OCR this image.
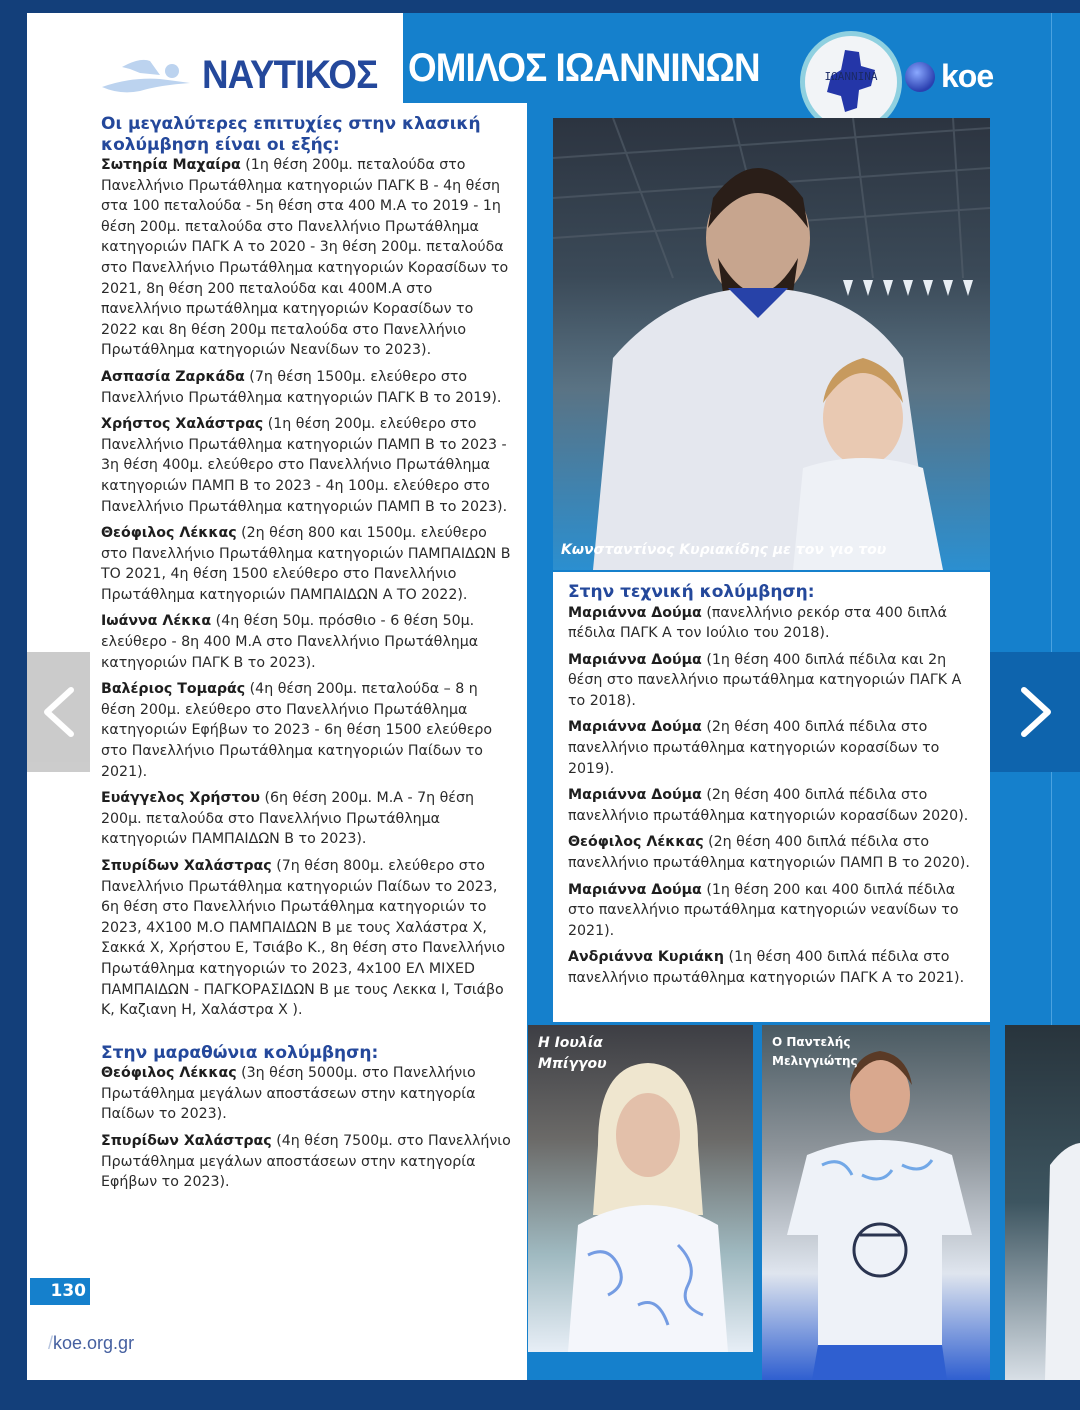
ΝΑΥΤΙΚΟΣ ΟΜΙΛΟΣ ΙΩΑΝΝΙΝΩΝ	ΙΩΑΝΝΙΝΑ	koe
Οι μεγαλύτερες επιτυχίες στην κλασική κολύμβηση είναι οι εξής:

Σωτηρία Μαχαίρα (1η θέση 200μ. πεταλούδα στο Πανελλήνιο Πρωτάθλημα κατηγοριών ΠΑΓΚ Β - 4η θέση στα 100 πεταλούδα - 5η θέση στα 400 Μ.Α το 2019 - 1η θέση 200μ. πεταλούδα στο Πανελλήνιο Πρωτάθλημα κατηγοριών ΠΑΓΚ Α το 2020 - 3η θέση 200μ. πεταλούδα στο Πανελλήνιο Πρωτάθλημα κατηγοριών Κορασίδων το 2021, 8η θέση 200 πεταλούδα και 400Μ.Α στο πανελλήνιο πρωτάθλημα κατηγοριών Κορασίδων το 2022 και 8η θέση 200μ πεταλούδα στο Πανελλήνιο Πρωτάθλημα κατηγοριών Νεανίδων το 2023).

Ασπασία Ζαρκάδα (7η θέση 1500μ. ελεύθερο στο Πανελλήνιο Πρωτάθλημα κατηγοριών ΠΑΓΚ Β το 2019).

Χρήστος Χαλάστρας (1η θέση 200μ. ελεύθερο στο Πανελλήνιο Πρωτάθλημα κατηγοριών ΠΑΜΠ Β το 2023 - 3η θέση 400μ. ελεύθερο στο Πανελλήνιο Πρωτάθλημα κατηγοριών ΠΑΜΠ Β το 2023 - 4η 100μ. ελεύθερο στο Πανελλήνιο Πρωτάθλημα κατηγοριών ΠΑΜΠ Β το 2023).

Θεόφιλος Λέκκας (2η θέση 800 και 1500μ. ελεύθερο στο Πανελλήνιο Πρωτάθλημα κατηγοριών ΠΑΜΠΑΙΔΩΝ Β ΤΟ 2021, 4η θέση 1500 ελεύθερο στο Πανελλήνιο Πρωτάθλημα κατηγοριών ΠΑΜΠΑΙΔΩΝ Α ΤΟ 2022).

Ιωάννα Λέκκα (4η θέση 50μ. πρόσθιο - 6 θέση 50μ. ελεύθερο - 8η 400 Μ.Α στο Πανελλήνιο Πρωτάθλημα κατηγοριών ΠΑΓΚ Β το 2023).

Βαλέριος Τομαράς (4η θέση 200μ. πεταλούδα – 8 η θέση 200μ. ελεύθερο στο Πανελλήνιο Πρωτάθλημα κατηγοριών Εφήβων το 2023 - 6η θέση 1500 ελεύθερο στο Πανελλήνιο Πρωτάθλημα κατηγοριών Παίδων το 2021).

Ευάγγελος Χρήστου (6η θέση 200μ. Μ.Α - 7η θέση 200μ. πεταλούδα στο Πανελλήνιο Πρωτάθλημα κατηγοριών ΠΑΜΠΑΙΔΩΝ Β το 2023).

Σπυρίδων Χαλάστρας (7η θέση 800μ. ελεύθερο στο Πανελλήνιο Πρωτάθλημα κατηγοριών Παίδων το 2023, 6η θέση στο Πανελλήνιο Πρωτάθλημα κατηγοριών το 2023, 4Χ100 Μ.Ο ΠΑΜΠΑΙΔΩΝ Β με τους Χαλάστρα Χ, Σακκά Χ, Χρήστου Ε, Τσιάβο Κ., 8η θέση στο Πανελλήνιο Πρωτάθλημα κατηγοριών το 2023, 4x100 ΕΛ MIXED ΠΑΜΠΑΙΔΩΝ - ΠΑΓΚΟΡΑΣΙΔΩΝ Β με τους Λεκκα Ι, Τσιάβο Κ, Καζιανη Η, Χαλάστρα Χ ).

Στην μαραθώνια κολύμβηση:

Θεόφιλος Λέκκας (3η θέση 5000μ. στο Πανελλήνιο Πρωτάθλημα μεγάλων αποστάσεων στην κατηγορία Παίδων το 2023).

Σπυρίδων Χαλάστρας (4η θέση 7500μ. στο Πανελλήνιο Πρωτάθλημα μεγάλων αποστάσεων στην κατηγορία Εφήβων το 2023).

Κωνσταντίνος Κυριακίδης με τον γιο του
Στην τεχνική κολύμβηση:

Μαριάννα Δούμα (πανελλήνιο ρεκόρ στα 400 διπλά πέδιλα ΠΑΓΚ Α τον Ιούλιο του 2018).

Μαριάννα Δούμα (1η θέση 400 διπλά πέδιλα και 2η θέση στο πανελλήνιο πρωτάθλημα κατηγοριών ΠΑΓΚ Α το 2018).

Μαριάννα Δούμα (2η θέση 400 διπλά πέδιλα στο πανελλήνιο πρωτάθλημα κατηγοριών κορασίδων το 2019).

Μαριάννα Δούμα (2η θέση 400 διπλά πέδιλα στο πανελλήνιο πρωτάθλημα κατηγοριών κορασίδων 2020).

Θεόφιλος Λέκκας (2η θέση 400 διπλά πέδιλα στο πανελλήνιο πρωτάθλημα κατηγοριών ΠΑΜΠ Β το 2020).

Μαριάννα Δούμα (1η θέση 200 και 400 διπλά πέδιλα στο πανελλήνιο πρωτάθλημα κατηγοριών νεανίδων το 2021).

Ανδριάννα Κυριάκη (1η θέση 400 διπλά πέδιλα στο πανελλήνιο πρωτάθλημα κατηγοριών ΠΑΓΚ Α το 2021).

Η Ιουλία
Μπίγγου
Ο Παντελής
Μελιγγιώτης
130
/koe.org.gr
